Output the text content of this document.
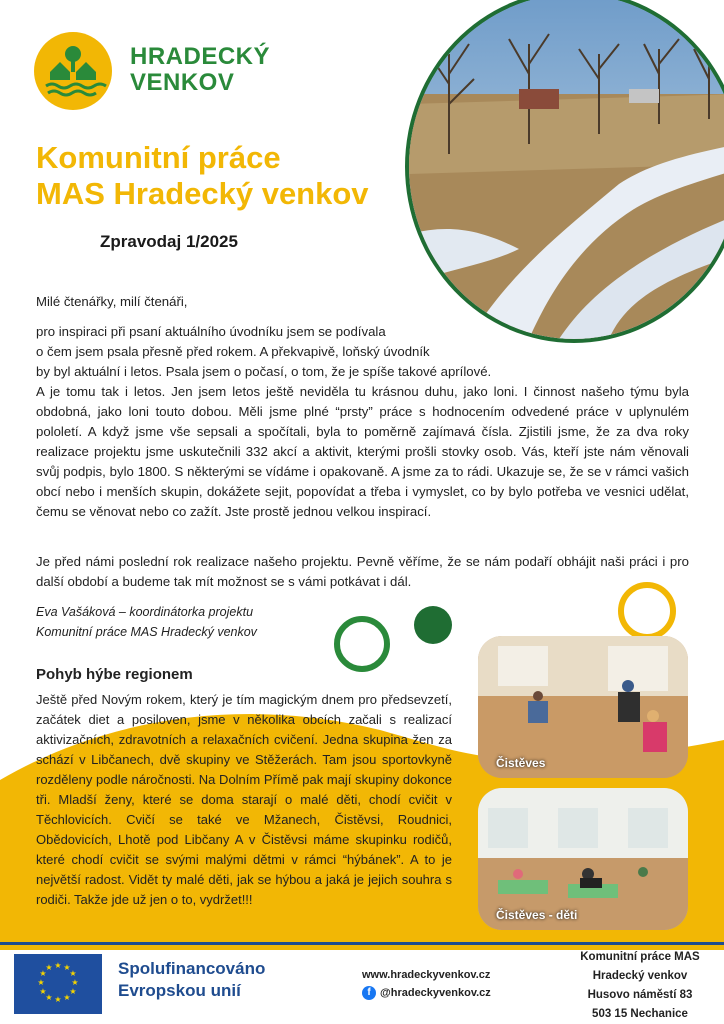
HRADECKÝ
VENKOV
Komunitní práce
MAS Hradecký venkov
Zpravodaj 1/2025
Milé čtenářky, milí čtenáři,
pro inspiraci při psaní aktuálního úvodníku jsem se podívala
o čem jsem psala přesně před rokem. A překvapivě, loňský úvodník
by byl aktuální i letos. Psala jsem o počasí, o tom, že je spíše takové aprílové.
A je tomu tak i letos. Jen jsem letos ještě neviděla tu krásnou duhu, jako loni. I činnost našeho týmu byla obdobná, jako loni touto dobou. Měli jsme plné “prsty” práce s hodnocením odvedené práce v uplynulém pololetí. A když jsme vše sepsali a spočítali, byla to poměrně zajímavá čísla. Zjistili jsme, že za dva roky realizace projektu jsme uskutečnili 332 akcí a aktivit, kterými prošli stovky osob. Vás, kteří jste nám věnovali svůj podpis, bylo 1800. S některými se vídáme i opakovaně. A jsme za to rádi. Ukazuje se, že se v rámci vašich obcí nebo i menších skupin, dokážete sejit, popovídat a třeba i vymyslet, co by bylo potřeba ve vesnici udělat, čemu se věnovat nebo co zažít. Jste prostě jednou velkou inspirací.
Je před námi poslední rok realizace našeho projektu. Pevně věříme, že se nám podaří obhájit naši práci i pro další období a budeme tak mít možnost se s vámi potkávat i dál.
Eva Vašáková – koordinátorka projektu
Komunitní práce MAS Hradecký venkov
Pohyb hýbe regionem
Ještě před Novým rokem, který je tím magickým dnem pro předsevzetí, začátek diet a posiloven, jsme v několika obcích začali s realizací aktivizačních, zdravotních a relaxačních cvičení. Jedna skupina žen za schází v Libčanech, dvě skupiny ve Stěžerách. Tam jsou sportovkyně rozděleny podle náročnosti. Na Dolním Přímě pak mají skupiny dokonce tři. Mladší ženy, které se doma starají o malé děti, chodí cvičit v Těchlovicích. Cvičí se také ve Mžanech, Čistěvsi, Roudnici, Obědovicích, Lhotě pod Libčany A v Čistěvsi máme skupinku rodičů, které chodí cvičit se svými malými dětmi v rámci “hýbánek”. A to je největší radost. Vidět ty malé děti, jak se hýbou a jaká je jejich souhra s rodiči. Takže jde už jen o to, vydržet!!!
Čistěves
Čistěves - děti
★ ★
★
★
★
★
★
★
★
★
★
★	Spolufinancováno
Evropskou unií
www.hradeckyvenkov.cz
f @hradeckyvenkov.cz
Komunitní práce MAS
Hradecký venkov
Husovo náměstí 83
503 15 Nechanice
